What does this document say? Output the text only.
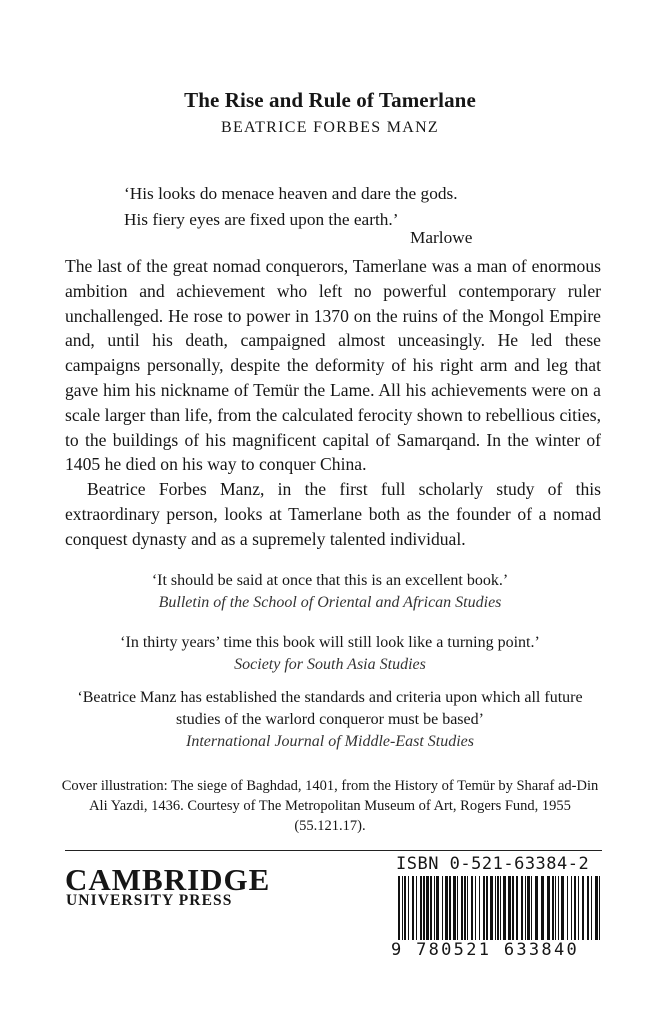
The Rise and Rule of Tamerlane
BEATRICE FORBES MANZ
‘His looks do menace heaven and dare the gods.
His fiery eyes are fixed upon the earth.’
Marlowe

The last of the great nomad conquerors, Tamerlane was a man of enormous ambition and achievement who left no powerful contemporary ruler unchallenged. He rose to power in 1370 on the ruins of the Mongol Empire and, until his death, campaigned almost unceasingly. He led these campaigns personally, despite the deformity of his right arm and leg that gave him his nickname of Temür the Lame. All his achievements were on a scale larger than life, from the calculated ferocity shown to rebellious cities, to the buildings of his magnificent capital of Samarqand. In the winter of 1405 he died on his way to conquer China.

Beatrice Forbes Manz, in the first full scholarly study of this extraordinary person, looks at Tamerlane both as the founder of a nomad conquest dynasty and as a supremely talented individual.

‘It should be said at once that this is an excellent book.’
Bulletin of the School of Oriental and African Studies
‘In thirty years’ time this book will still look like a turning point.’
Society for South Asia Studies
‘Beatrice Manz has established the standards and criteria upon which all future studies of the warlord conqueror must be based’
International Journal of Middle-East Studies
Cover illustration: The siege of Baghdad, 1401, from the History of Temür by Sharaf ad-Din Ali Yazdi, 1436. Courtesy of The Metropolitan Museum of Art, Rogers Fund, 1955 (55.121.17).
CAMBRIDGE
UNIVERSITY PRESS
ISBN 0-521-63384-2
9 780521 633840
